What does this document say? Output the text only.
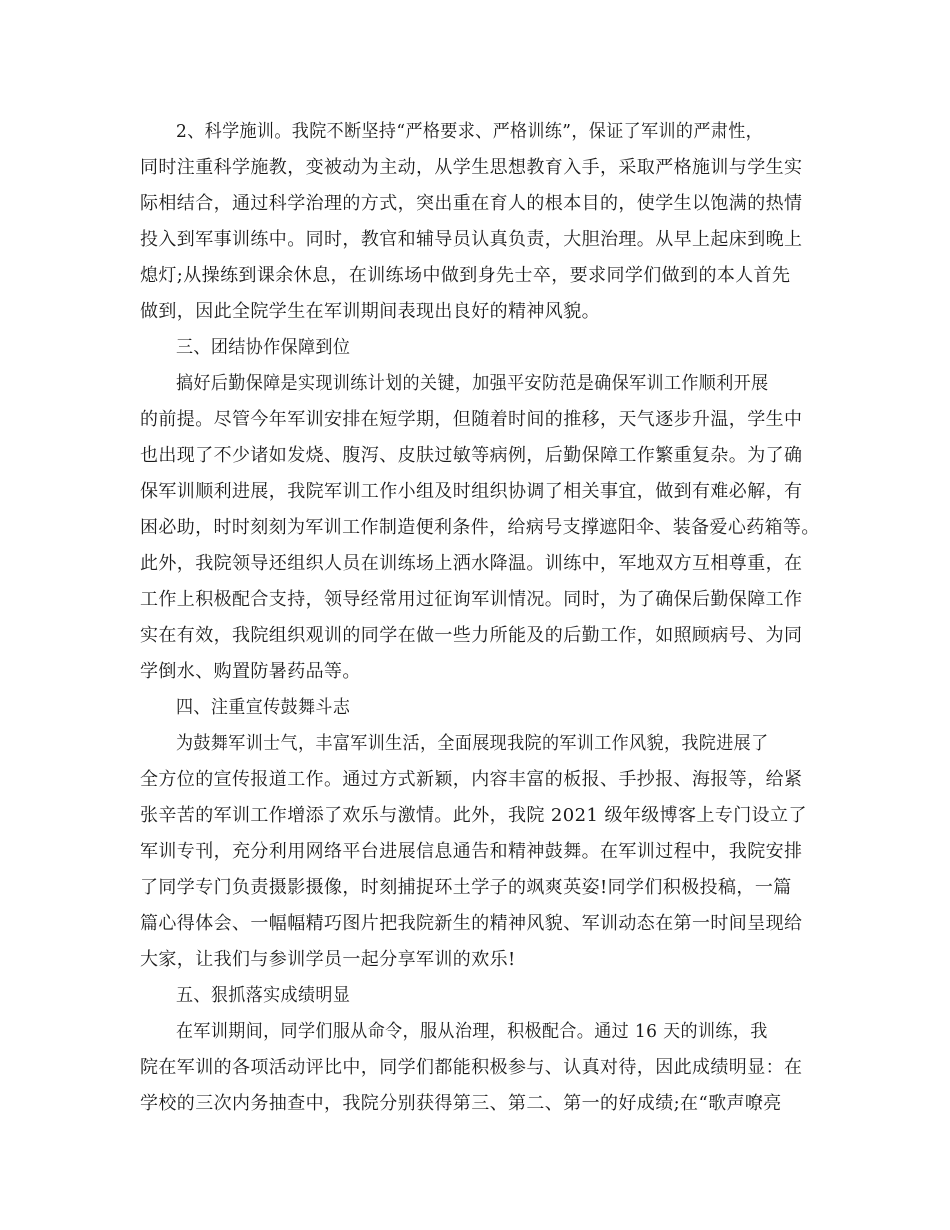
2、科学施训。我院不断坚持“严格要求、严格训练”，保证了军训的严肃性，
同时注重科学施教，变被动为主动，从学生思想教育入手，采取严格施训与学生实
际相结合，通过科学治理的方式，突出重在育人的根本目的，使学生以饱满的热情
投入到军事训练中。同时，教官和辅导员认真负责，大胆治理。从早上起床到晚上
熄灯;从操练到课余休息，在训练场中做到身先士卒，要求同学们做到的本人首先
做到，因此全院学生在军训期间表现出良好的精神风貌。
三、团结协作保障到位
搞好后勤保障是实现训练计划的关键，加强平安防范是确保军训工作顺利开展
的前提。尽管今年军训安排在短学期，但随着时间的推移，天气逐步升温，学生中
也出现了不少诸如发烧、腹泻、皮肤过敏等病例，后勤保障工作繁重复杂。为了确
保军训顺利进展，我院军训工作小组及时组织协调了相关事宜，做到有难必解，有
困必助，时时刻刻为军训工作制造便利条件，给病号支撑遮阳伞、装备爱心药箱等。
此外，我院领导还组织人员在训练场上洒水降温。训练中，军地双方互相尊重，在
工作上积极配合支持，领导经常用过征询军训情况。同时，为了确保后勤保障工作
实在有效，我院组织观训的同学在做一些力所能及的后勤工作，如照顾病号、为同
学倒水、购置防暑药品等。
四、注重宣传鼓舞斗志
为鼓舞军训士气，丰富军训生活，全面展现我院的军训工作风貌，我院进展了
全方位的宣传报道工作。通过方式新颖，内容丰富的板报、手抄报、海报等，给紧
张辛苦的军训工作增添了欢乐与激情。此外，我院 2021 级年级博客上专门设立了
军训专刊，充分利用网络平台进展信息通告和精神鼓舞。在军训过程中，我院安排
了同学专门负责摄影摄像，时刻捕捉环土学子的飒爽英姿!同学们积极投稿，一篇
篇心得体会、一幅幅精巧图片把我院新生的精神风貌、军训动态在第一时间呈现给
大家，让我们与参训学员一起分享军训的欢乐!
五、狠抓落实成绩明显
在军训期间，同学们服从命令，服从治理，积极配合。通过 16 天的训练，我
院在军训的各项活动评比中，同学们都能积极参与、认真对待，因此成绩明显：在
学校的三次内务抽查中，我院分别获得第三、第二、第一的好成绩;在“歌声嘹亮
